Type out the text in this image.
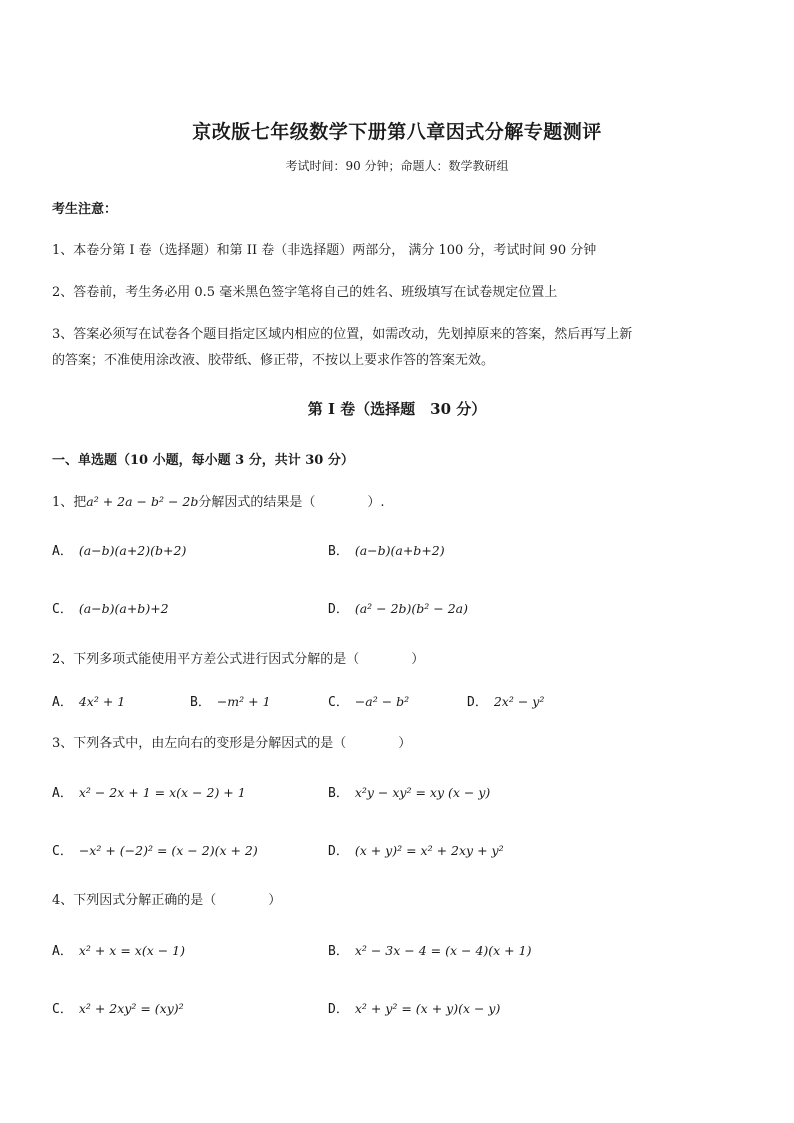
京改版七年级数学下册第八章因式分解专题测评
考试时间：90 分钟；命题人：数学教研组
考生注意：
1、本卷分第 I 卷（选择题）和第 II 卷（非选择题）两部分， 满分 100 分，考试时间 90 分钟
2、答卷前，考生务必用 0.5 毫米黑色签字笔将自己的姓名、班级填写在试卷规定位置上
3、答案必须写在试卷各个题目指定区域内相应的位置，如需改动，先划掉原来的答案，然后再写上新
的答案；不准使用涂改液、胶带纸、修正带，不按以上要求作答的答案无效。
第 I 卷（选择题　30 分）
一、单选题（10 小题，每小题 3 分，共计 30 分）
1、把a² + 2a − b² − 2b分解因式的结果是（　　　　）.
A． (a−b)(a+2)(b+2)	B． (a−b)(a+b+2)
C． (a−b)(a+b)+2	D． (a² − 2b)(b² − 2a)
2、下列多项式能使用平方差公式进行因式分解的是（　　　　）
A． 4x² + 1	B． −m² + 1	C． −a² − b²	D． 2x² − y²
3、下列各式中，由左向右的变形是分解因式的是（　　　　）
A． x² − 2x + 1 = x(x − 2) + 1	B． x²y − xy² = xy (x − y)
C． −x² + (−2)² = (x − 2)(x + 2)	D． (x + y)² = x² + 2xy + y²
4、下列因式分解正确的是（　　　　）
A． x² + x = x(x − 1)	B． x² − 3x − 4 = (x − 4)(x + 1)
C． x² + 2xy² = (xy)²	D． x² + y² = (x + y)(x − y)
